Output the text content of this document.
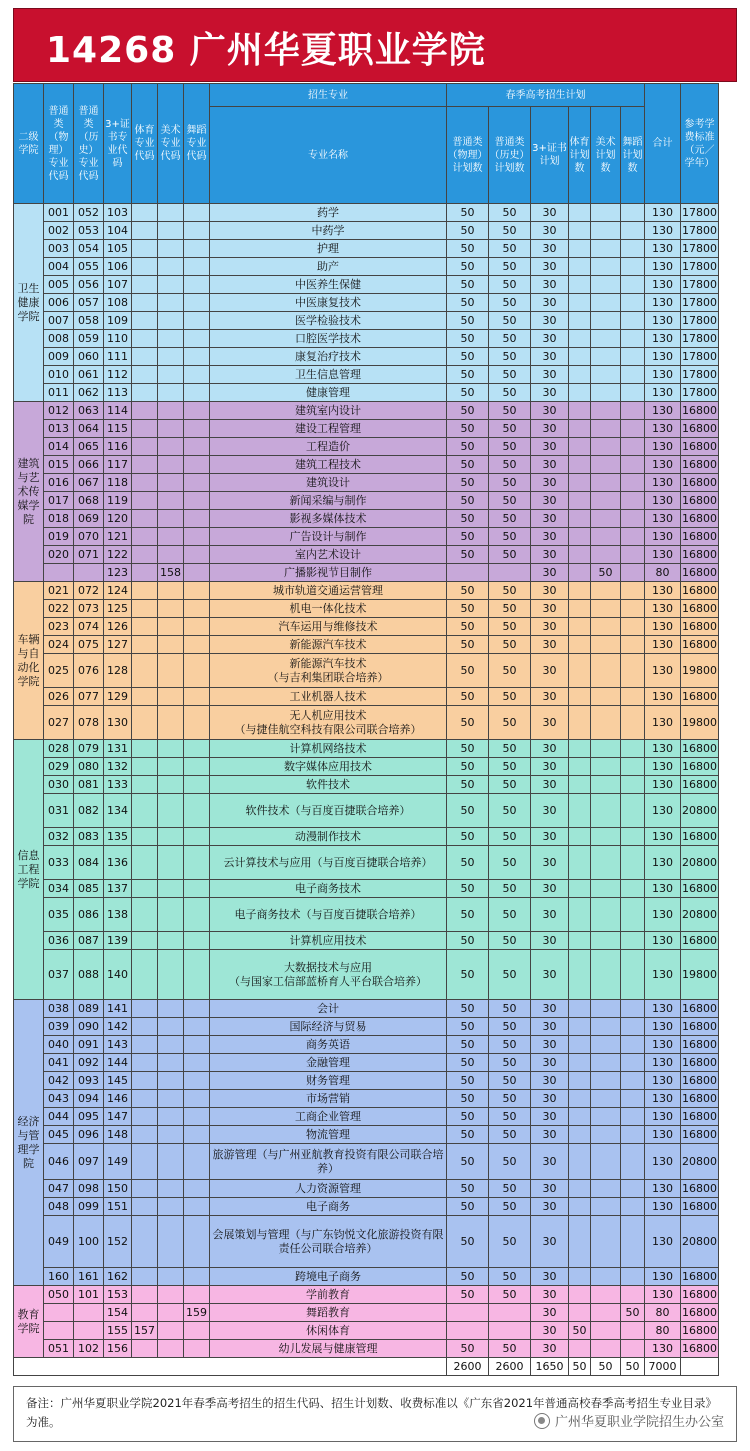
14268 广州华夏职业学院
二级学院	普通类（物理）专业代码	普通类（历史）专业代码	3+证书专业代码	体育专业代码	美术专业代码	舞蹈专业代码	招生专业	春季高考招生计划						合计	参考学费标准（元／学年）
							专业名称	普通类（物理）计划数	普通类（历史）计划数	3+证书计划	体育计划数	美术计划数	舞蹈计划数		
卫生健康学院	001	052	103				药学	50	50	30				130	17800
	002	053	104				中药学	50	50	30				130	17800
	003	054	105				护理	50	50	30				130	17800
	004	055	106				助产	50	50	30				130	17800
	005	056	107				中医养生保健	50	50	30				130	17800
	006	057	108				中医康复技术	50	50	30				130	17800
	007	058	109				医学检验技术	50	50	30				130	17800
	008	059	110				口腔医学技术	50	50	30				130	17800
	009	060	111				康复治疗技术	50	50	30				130	17800
	010	061	112				卫生信息管理	50	50	30				130	17800
	011	062	113				健康管理	50	50	30				130	17800
建筑与艺术传媒学院	012	063	114				建筑室内设计	50	50	30				130	16800
	013	064	115				建设工程管理	50	50	30				130	16800
	014	065	116				工程造价	50	50	30				130	16800
	015	066	117				建筑工程技术	50	50	30				130	16800
	016	067	118				建筑设计	50	50	30				130	16800
	017	068	119				新闻采编与制作	50	50	30				130	16800
	018	069	120				影视多媒体技术	50	50	30				130	16800
	019	070	121				广告设计与制作	50	50	30				130	16800
	020	071	122				室内艺术设计	50	50	30				130	16800
			123		158		广播影视节目制作			30		50		80	16800
车辆与自动化学院	021	072	124				城市轨道交通运营管理	50	50	30				130	16800
	022	073	125				机电一体化技术	50	50	30				130	16800
	023	074	126				汽车运用与维修技术	50	50	30				130	16800
	024	075	127				新能源汽车技术	50	50	30				130	16800
	025	076	128				新能源汽车技术
（与吉利集团联合培养）	50	50	30				130	19800
	026	077	129				工业机器人技术	50	50	30				130	16800
	027	078	130				无人机应用技术
（与捷佳航空科技有限公司联合培养）	50	50	30				130	19800
信息工程学院	028	079	131				计算机网络技术	50	50	30				130	16800
	029	080	132				数字媒体应用技术	50	50	30				130	16800
	030	081	133				软件技术	50	50	30				130	16800
	031	082	134				软件技术（与百度百捷联合培养）	50	50	30				130	20800
	032	083	135				动漫制作技术	50	50	30				130	16800
	033	084	136				云计算技术与应用（与百度百捷联合培养）	50	50	30				130	20800
	034	085	137				电子商务技术	50	50	30				130	16800
	035	086	138				电子商务技术（与百度百捷联合培养）	50	50	30				130	20800
	036	087	139				计算机应用技术	50	50	30				130	16800
	037	088	140				大数据技术与应用
（与国家工信部蓝桥育人平台联合培养）	50	50	30				130	19800
经济与管理学院	038	089	141				会计	50	50	30				130	16800
	039	090	142				国际经济与贸易	50	50	30				130	16800
	040	091	143				商务英语	50	50	30				130	16800
	041	092	144				金融管理	50	50	30				130	16800
	042	093	145				财务管理	50	50	30				130	16800
	043	094	146				市场营销	50	50	30				130	16800
	044	095	147				工商企业管理	50	50	30				130	16800
	045	096	148				物流管理	50	50	30				130	16800
	046	097	149				旅游管理（与广州亚航教育投资有限公司联合培养）	50	50	30				130	20800
	047	098	150				人力资源管理	50	50	30				130	16800
	048	099	151				电子商务	50	50	30				130	16800
	049	100	152				会展策划与管理（与广东钧悦文化旅游投资有限责任公司联合培养）	50	50	30				130	20800
	160	161	162				跨境电子商务	50	50	30				130	16800
教育学院	050	101	153				学前教育	50	50	30				130	16800
			154			159	舞蹈教育			30			50	80	16800
			155	157			休闲体育			30	50			80	16800
	051	102	156				幼儿发展与健康管理	50	50	30				130	16800
								2600	2600	1650	50	50	50	7000	
备注：广州华夏职业学院2021年春季高考招生的招生代码、招生计划数、收费标准以《广东省2021年普通高校春季高考招生专业目录》为准。	广州华夏职业学院招生办公室
